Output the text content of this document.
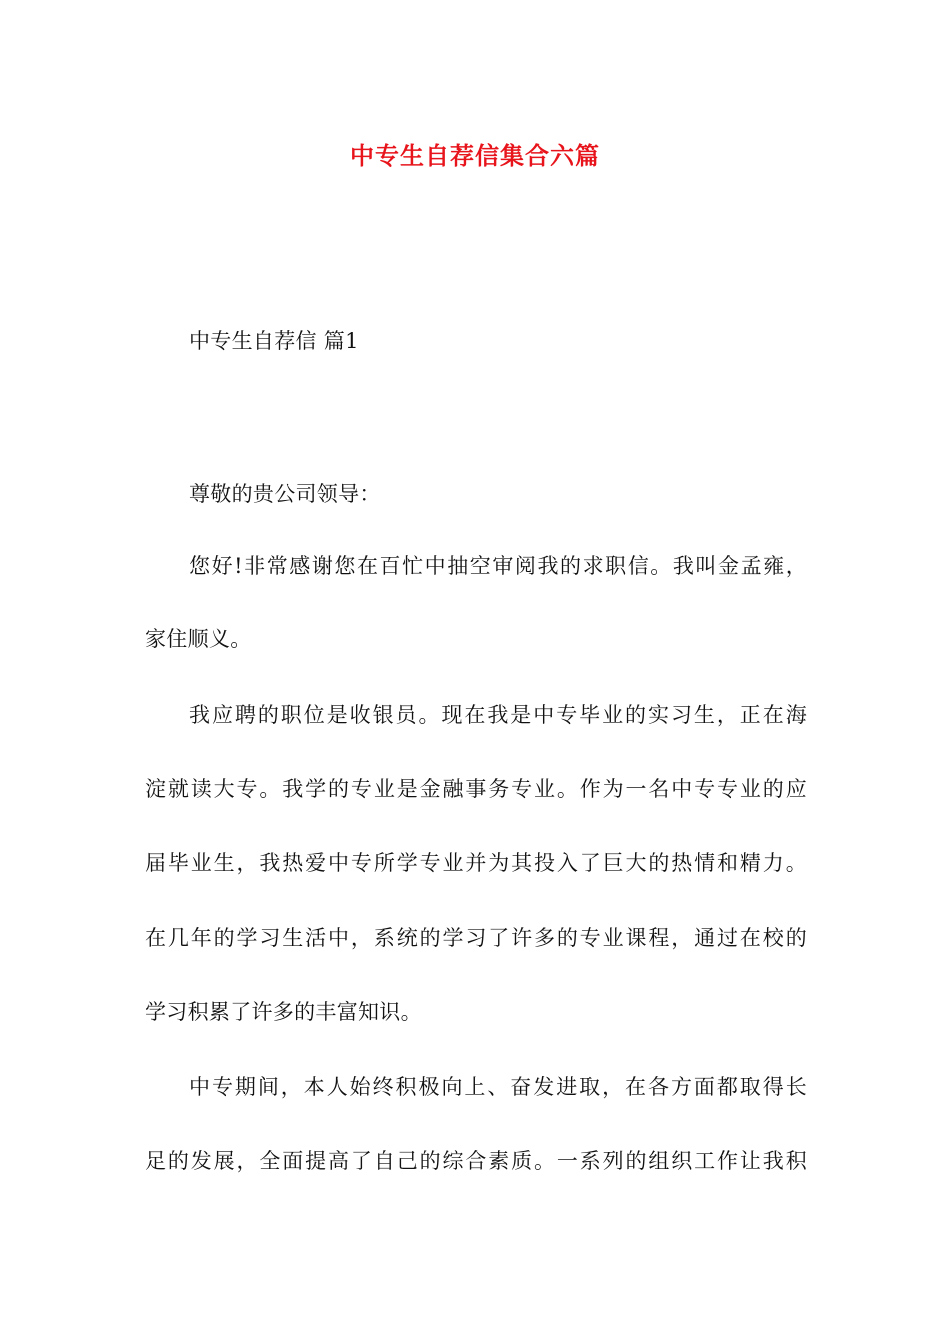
中专生自荐信集合六篇
中专生自荐信 篇1
尊敬的贵公司领导：
您好!非常感谢您在百忙中抽空审阅我的求职信。我叫金孟雍，
家住顺义。
我应聘的职位是收银员。现在我是中专毕业的实习生，正在海
淀就读大专。我学的专业是金融事务专业。作为一名中专专业的应
届毕业生，我热爱中专所学专业并为其投入了巨大的热情和精力。
在几年的学习生活中，系统的学习了许多的专业课程，通过在校的
学习积累了许多的丰富知识。
中专期间，本人始终积极向上、奋发进取，在各方面都取得长
足的发展，全面提高了自己的综合素质。一系列的组织工作让我积
